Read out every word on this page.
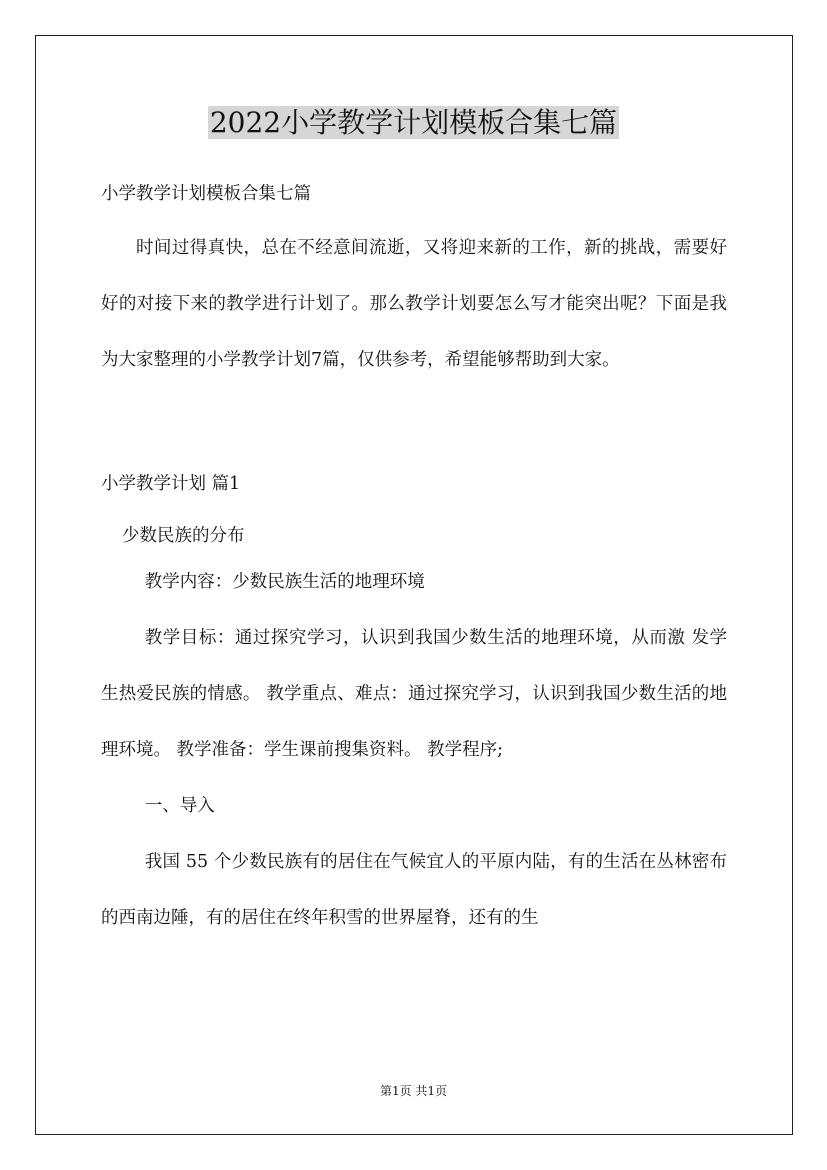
2022小学教学计划模板合集七篇

小学教学计划模板合集七篇

时间过得真快，总在不经意间流逝，又将迎来新的工作，新的挑战，需要好好的对接下来的教学进行计划了。那么教学计划要怎么写才能突出呢？下面是我为大家整理的小学教学计划7篇，仅供参考，希望能够帮助到大家。

小学教学计划 篇1

少数民族的分布

教学内容：少数民族生活的地理环境

教学目标：通过探究学习，认识到我国少数生活的地理环境，从而激 发学生热爱民族的情感。 教学重点、难点：通过探究学习，认识到我国少数生活的地理环境。 教学准备：学生课前搜集资料。 教学程序;

一、导入

我国 55 个少数民族有的居住在气候宜人的平原内陆，有的生活在丛林密布的西南边陲，有的居住在终年积雪的世界屋脊，还有的生

第1页 共1页
